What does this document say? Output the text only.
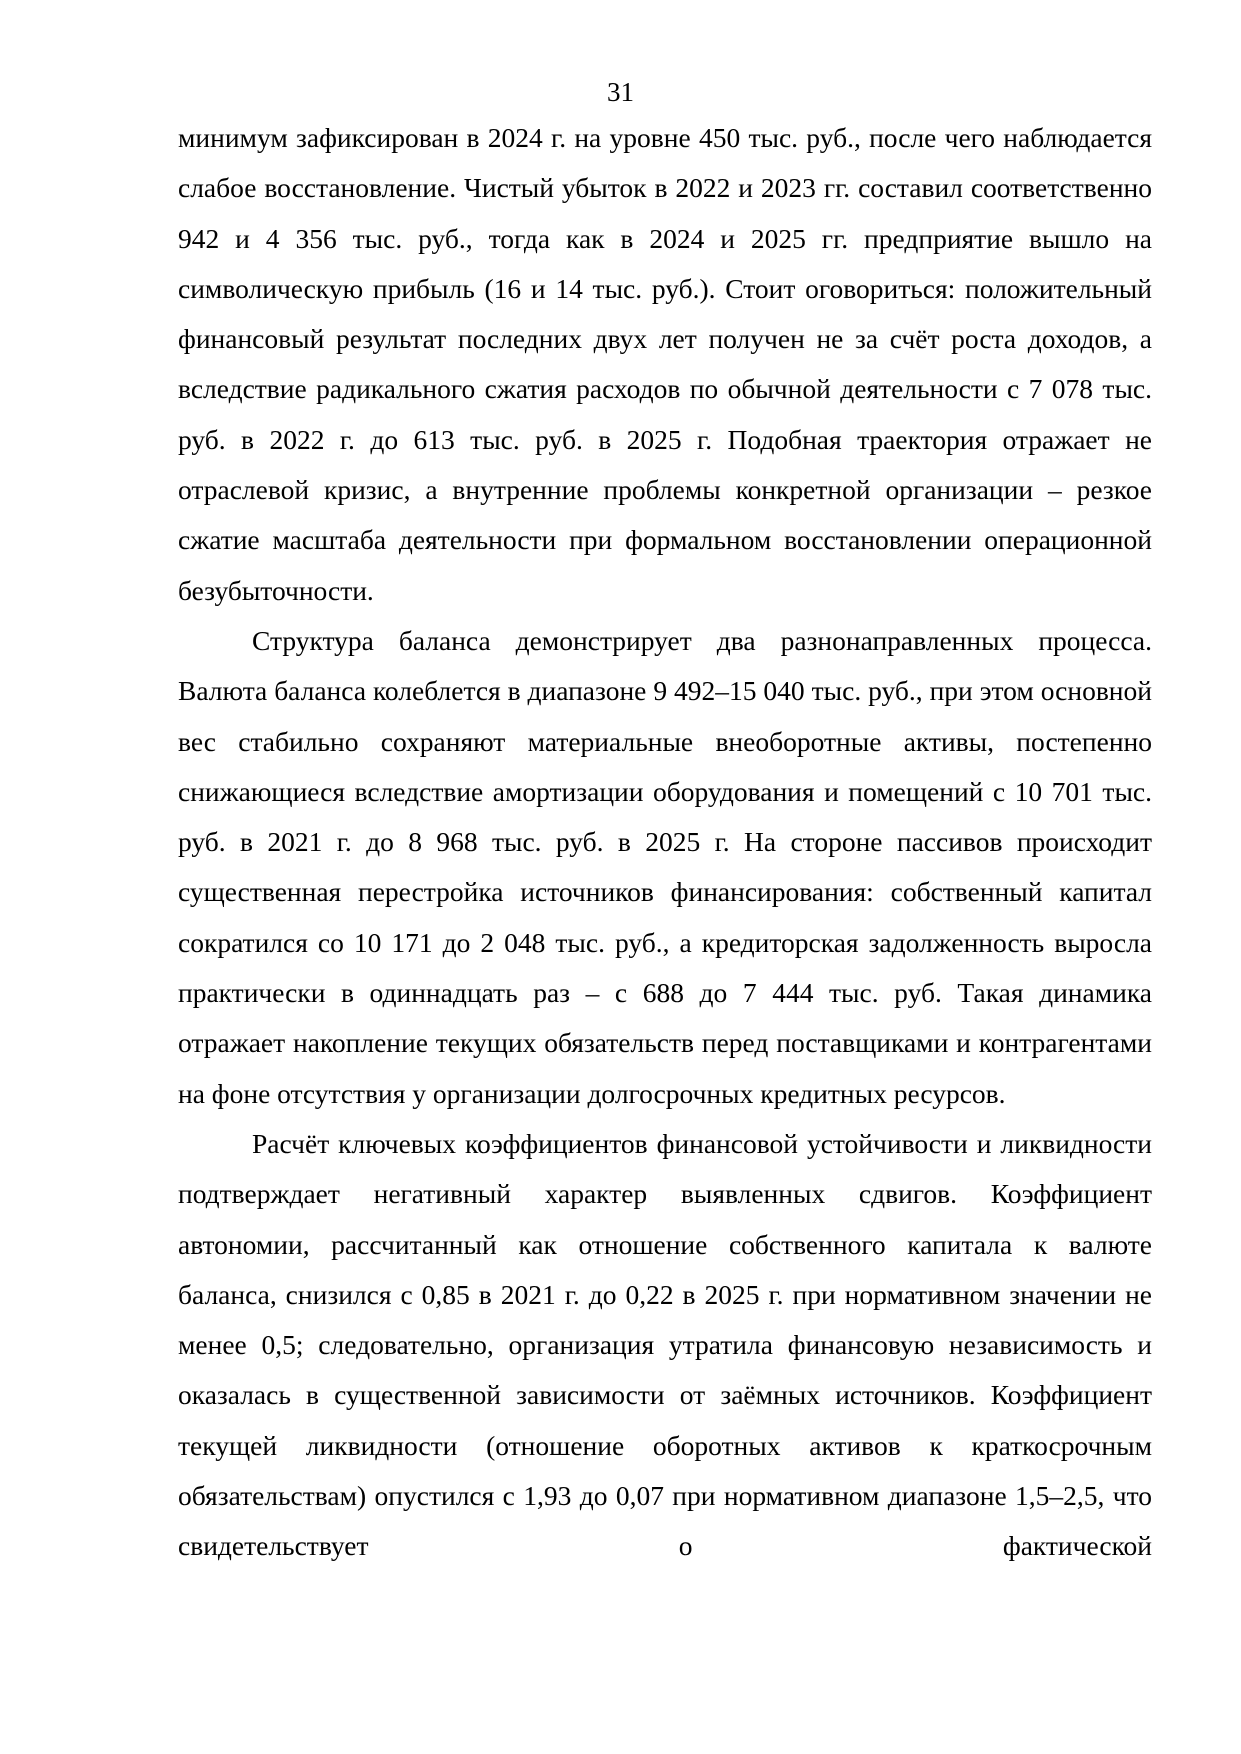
31

минимум зафиксирован в 2024 г. на уровне 450 тыс. руб., после чего наблюдается слабое восстановление. Чистый убыток в 2022 и 2023 гг. составил соответственно 942 и 4 356 тыс. руб., тогда как в 2024 и 2025 гг. предприятие вышло на символическую прибыль (16 и 14 тыс. руб.). Стоит оговориться: положительный финансовый результат последних двух лет получен не за счёт роста доходов, а вследствие радикального сжатия расходов по обычной деятельности с 7 078 тыс. руб. в 2022 г. до 613 тыс. руб. в 2025 г. Подобная траектория отражает не отраслевой кризис, а внутренние проблемы конкретной организации – резкое сжатие масштаба деятельности при формальном восстановлении операционной безубыточности.

Структура баланса демонстрирует два разнонаправленных процесса. Валюта баланса колеблется в диапазоне 9 492–15 040 тыс. руб., при этом основной вес стабильно сохраняют материальные внеоборотные активы, постепенно снижающиеся вследствие амортизации оборудования и помещений с 10 701 тыс. руб. в 2021 г. до 8 968 тыс. руб. в 2025 г. На стороне пассивов происходит существенная перестройка источников финансирования: собственный капитал сократился со 10 171 до 2 048 тыс. руб., а кредиторская задолженность выросла практически в одиннадцать раз – с 688 до 7 444 тыс. руб. Такая динамика отражает накопление текущих обязательств перед поставщиками и контрагентами на фоне отсутствия у организации долгосрочных кредитных ресурсов.

Расчёт ключевых коэффициентов финансовой устойчивости и ликвидности подтверждает негативный характер выявленных сдвигов. Коэффициент автономии, рассчитанный как отношение собственного капитала к валюте баланса, снизился с 0,85 в 2021 г. до 0,22 в 2025 г. при нормативном значении не менее 0,5; следовательно, организация утратила финансовую независимость и оказалась в существенной зависимости от заёмных источников. Коэффициент текущей ликвидности (отношение оборотных активов к краткосрочным обязательствам) опустился с 1,93 до 0,07 при нормативном диапазоне 1,5–2,5, что свидетельствует о фактической
